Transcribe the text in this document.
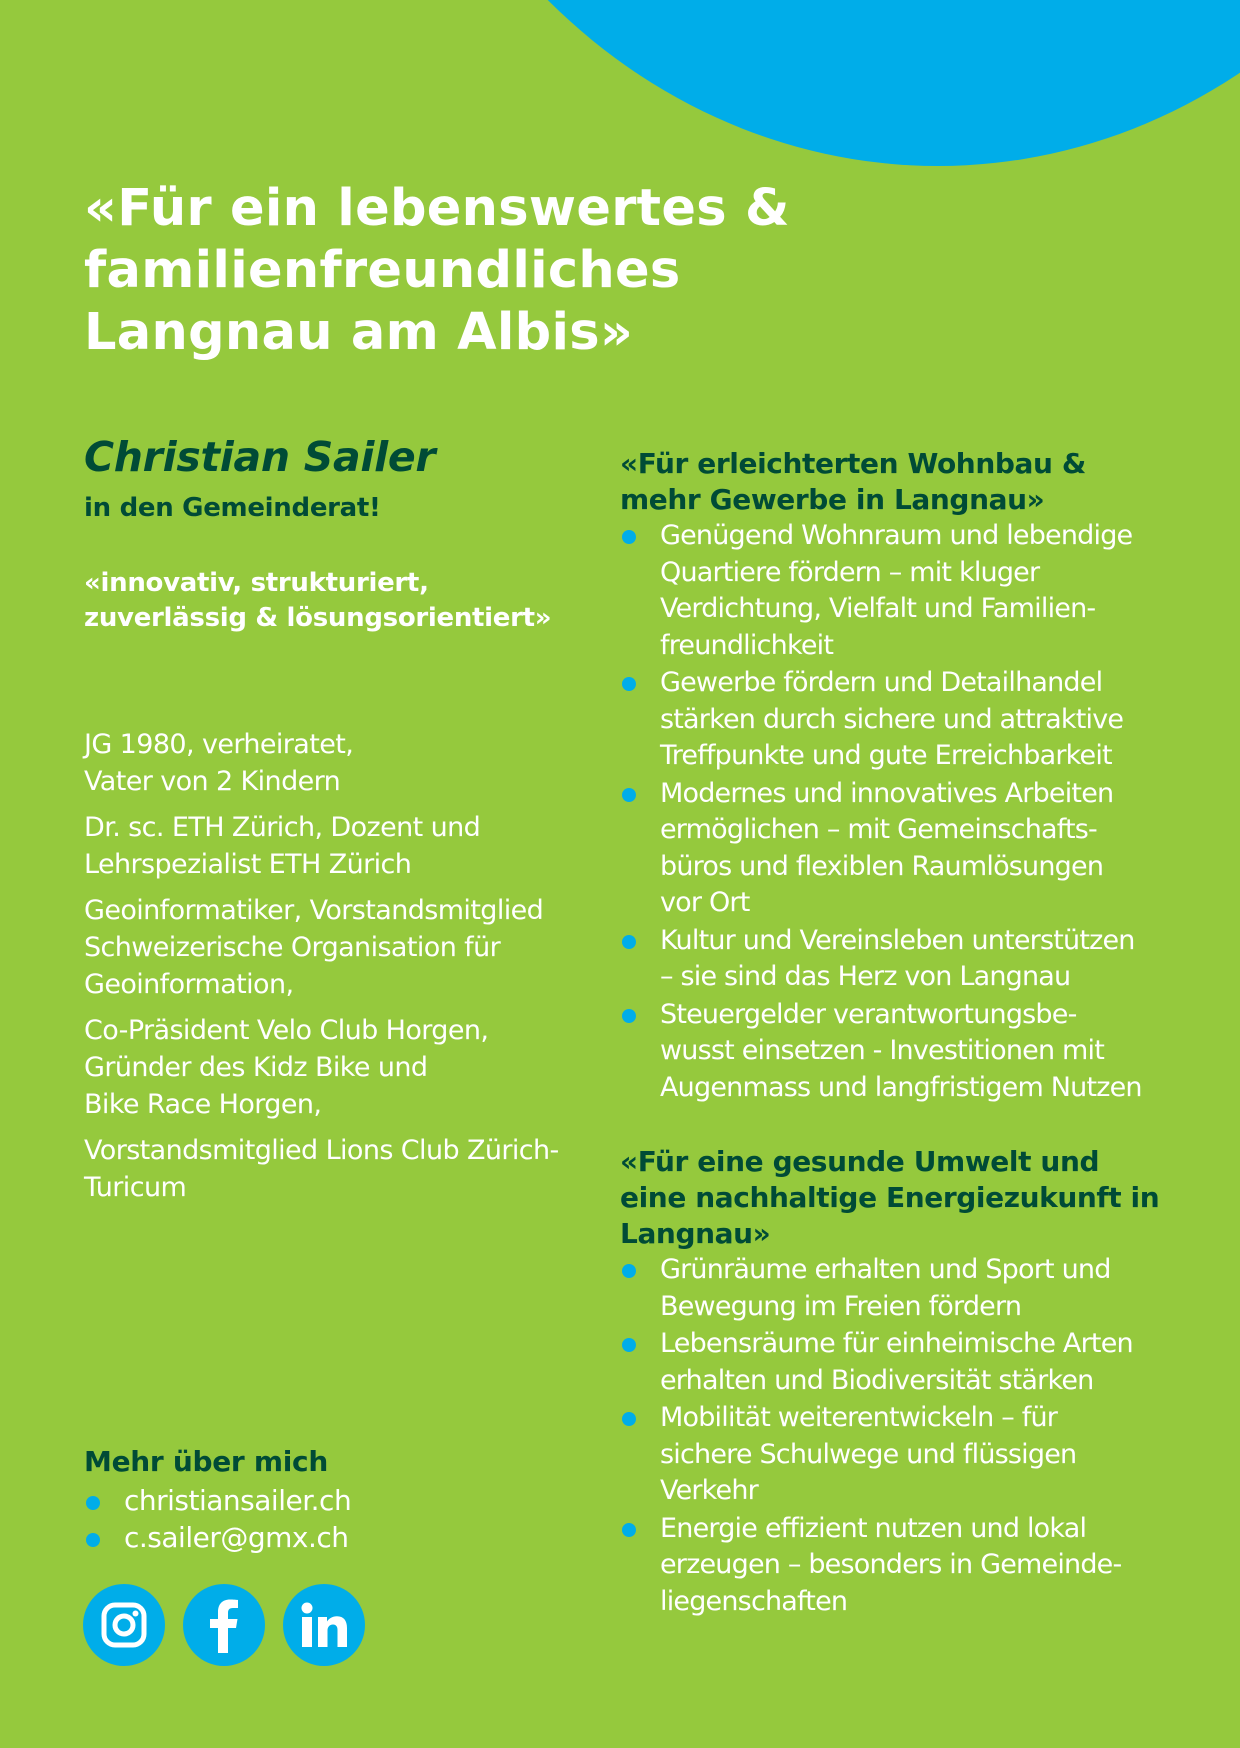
«Für ein lebenswertes &
familienfreundliches
Langnau am Albis»
Christian Sailer
in den Gemeinderat!
«innovativ, strukturiert,
zuverlässig & lösungsorientiert»

JG 1980, verheiratet,
Vater von 2 Kindern

Dr. sc. ETH Zürich, Dozent und
Lehrspezialist ETH Zürich

Geoinformatiker, Vorstandsmitglied
Schweizerische Organisation für
Geoinformation,

Co-Präsident Velo Club Horgen,
Gründer des Kidz Bike und
Bike Race Horgen,

Vorstandsmitglied Lions Club Zürich-
Turicum

Mehr über mich
christiansailer.ch
c.sailer@gmx.ch
«Für erleichterten Wohnbau &
mehr Gewerbe in Langnau»
Genügend Wohnraum und lebendige
Quartiere fördern – mit kluger
Verdichtung, Vielfalt und Familien-
freundlichkeit
Gewerbe fördern und Detailhandel
stärken durch sichere und attraktive
Treffpunkte und gute Erreichbarkeit
Modernes und innovatives Arbeiten
ermöglichen – mit Gemeinschafts-
büros und flexiblen Raumlösungen
vor Ort
Kultur und Vereinsleben unterstützen
– sie sind das Herz von Langnau
Steuergelder verantwortungsbe-
wusst einsetzen - Investitionen mit
Augenmass und langfristigem Nutzen
«Für eine gesunde Umwelt und
eine nachhaltige Energiezukunft in
Langnau»
Grünräume erhalten und Sport und
Bewegung im Freien fördern
Lebensräume für einheimische Arten
erhalten und Biodiversität stärken
Mobilität weiterentwickeln – für
sichere Schulwege und flüssigen
Verkehr
Energie effizient nutzen und lokal
erzeugen – besonders in Gemeinde-
liegenschaften
